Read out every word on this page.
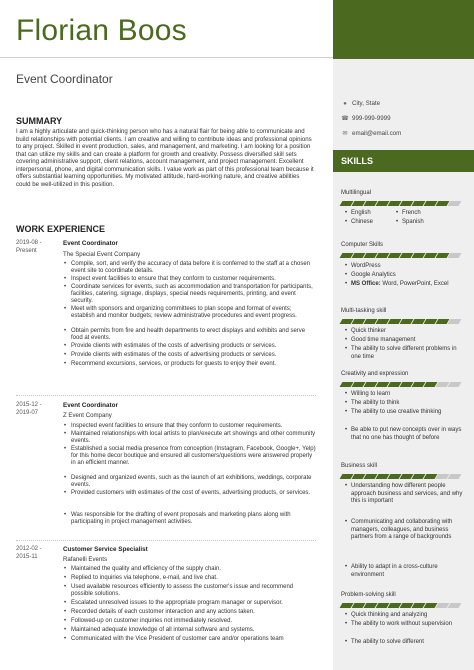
Florian Boos
Event Coordinator
● City, State
☎ 999-999-9999
✉ email@email.com
SKILLS
Multilingual
• English
• Chinese
• French
• Spanish
Computer Skills
• WordPress
• Google Analytics
• MS Office: Word, PowerPoint, Excel
Multi-tasking skill
• Quick thinker
• Good time management
• The ability to solve different problems in one time
Creativity and expression
• Willing to learn
• The ability to think
• The ability to use creative thinking
• Be able to put new concepts over in ways that no one has thought of before
Business skill
• Understanding how different people approach business and services, and why this is important
• Communicating and collaborating with managers, colleagues, and business partners from a range of backgrounds
• Ability to adapt in a cross-culture environment
Problem-solving skill
• Quick thinking and analyzing
• The ability to work without supervision
• The ability to solve different
SUMMARY
I am a highly articulate and quick-thinking person who has a natural flair for being able to communicate and build relationships with potential clients. I am creative and willing to contribute ideas and professional opinions to any project. Skilled in event production, sales, and management, and marketing. I am looking for a position that can utilize my skills and can create a platform for growth and creativity. Possess diversified skill sets covering administrative support, client relations, account management, and project management. Excellent interpersonal, phone, and digital communication skills. I value work as part of this professional team because it offers substantial learning opportunities. My motivated attitude, hard-working nature, and creative abilities could be well-utilized in this position.
WORK EXPERIENCE
2019-08 -
Present
Event Coordinator
The Special Event Company
• Compile, sort, and verify the accuracy of data before it is conferred to the staff at a chosen event site to coordinate details.
• Inspect event facilities to ensure that they conform to customer requirements.
• Coordinate services for events, such as accommodation and transportation for participants, facilities, catering, signage, displays, special needs requirements, printing, and event security.
• Meet with sponsors and organizing committees to plan scope and format of events; establish and monitor budgets; review administrative procedures and event progress.
• Obtain permits from fire and health departments to erect displays and exhibits and serve food at events.
• Provide clients with estimates of the costs of advertising products or services.
• Provide clients with estimates of the costs of advertising products or services.
• Recommend excursions, services, or products for guests to enjoy their event.
2015-12 -
2019-07
Event Coordinator
Z Event Company
• Inspected event facilities to ensure that they conform to customer requirements.
• Maintained relationships with local artists to plan/execute art showings and other community events.
• Established a social media presence from conception (Instagram, Facebook, Google+, Yelp) for this home decor boutique and ensured all customers/questions were answered properly in an efficient manner.
• Designed and organized events, such as the launch of art exhibitions, weddings, corporate events.
• Provided customers with estimates of the cost of events, advertising products, or services.
• Was responsible for the drafting of event proposals and marketing plans along with participating in project management activities.
2012-02 -
2015-11
Customer Service Specialist
Rafanelli Events
• Maintained the quality and efficiency of the supply chain.
• Replied to inquiries via telephone, e-mail, and live chat.
• Used available resources efficiently to assess the customer's issue and recommend possible solutions.
• Escalated unresolved issues to the appropriate program manager or supervisor.
• Recorded details of each customer interaction and any actions taken.
• Followed-up on customer inquiries not immediately resolved.
• Maintained adequate knowledge of all internal software and systems.
• Communicated with the Vice President of customer care and/or operations team
